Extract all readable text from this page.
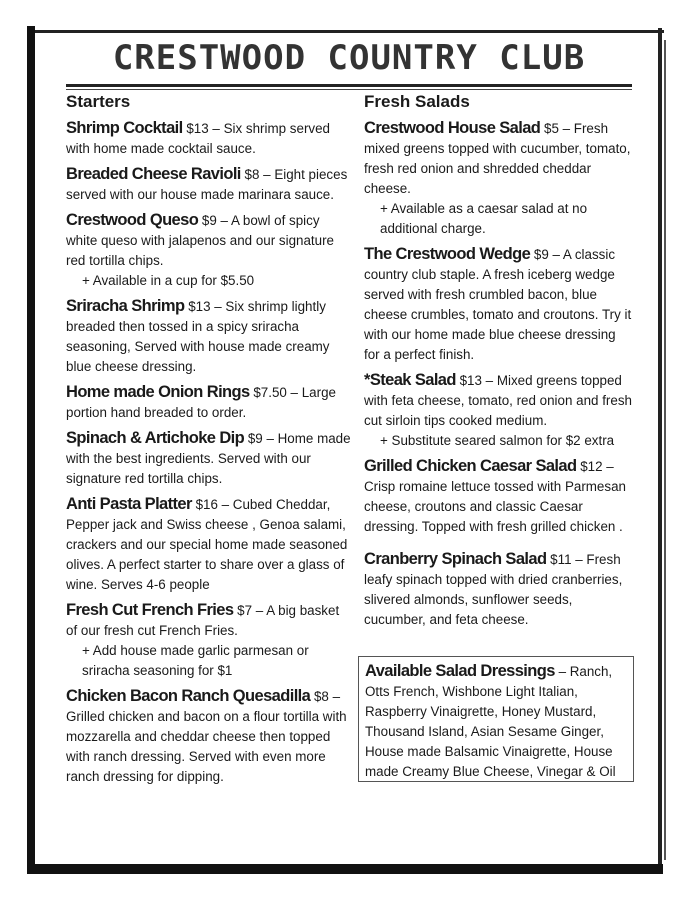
CRESTWOOD COUNTRY CLUB
Starters
Shrimp Cocktail $13 – Six shrimp served with home made cocktail sauce.
Breaded Cheese Ravioli $8 – Eight pieces served with our house made marinara sauce.
Crestwood Queso $9 – A bowl of spicy white queso with jalapenos and our signature red tortilla chips.
+ Available in a cup for $5.50
Sriracha Shrimp $13 – Six shrimp lightly breaded then tossed in a spicy sriracha seasoning, Served with house made creamy blue cheese dressing.
Home made Onion Rings $7.50 – Large portion hand breaded to order.
Spinach & Artichoke Dip $9 – Home made with the best ingredients. Served with our signature red tortilla chips.
Anti Pasta Platter $16 – Cubed Cheddar, Pepper jack and Swiss cheese , Genoa salami, crackers and our special home made seasoned olives. A perfect starter to share over a glass of wine. Serves 4-6 people
Fresh Cut French Fries $7 – A big basket of our fresh cut French Fries.
+ Add house made garlic parmesan or sriracha seasoning for $1
Chicken Bacon Ranch Quesadilla $8 – Grilled chicken and bacon on a flour tortilla with mozzarella and cheddar cheese then topped with ranch dressing. Served with even more ranch dressing for dipping.
Fresh Salads
Crestwood House Salad $5 – Fresh mixed greens topped with cucumber, tomato, fresh red onion and shredded cheddar cheese.
+ Available as a caesar salad at no additional charge.
The Crestwood Wedge $9 – A classic country club staple. A fresh iceberg wedge served with fresh crumbled bacon, blue cheese crumbles, tomato and croutons. Try it with our home made blue cheese dressing for a perfect finish.
*Steak Salad $13 – Mixed greens topped with feta cheese, tomato, red onion and fresh cut sirloin tips cooked medium.
+ Substitute seared salmon for $2 extra
Grilled Chicken Caesar Salad $12 – Crisp romaine lettuce tossed with Parmesan cheese, croutons and classic Caesar dressing. Topped with fresh grilled chicken .
Cranberry Spinach Salad $11 – Fresh leafy spinach topped with dried cranberries, slivered almonds, sunflower seeds, cucumber, and feta cheese.
Available Salad Dressings – Ranch, Otts French, Wishbone Light Italian, Raspberry Vinaigrette, Honey Mustard, Thousand Island, Asian Sesame Ginger, House made Balsamic Vinaigrette, House made Creamy Blue Cheese, Vinegar & Oil
